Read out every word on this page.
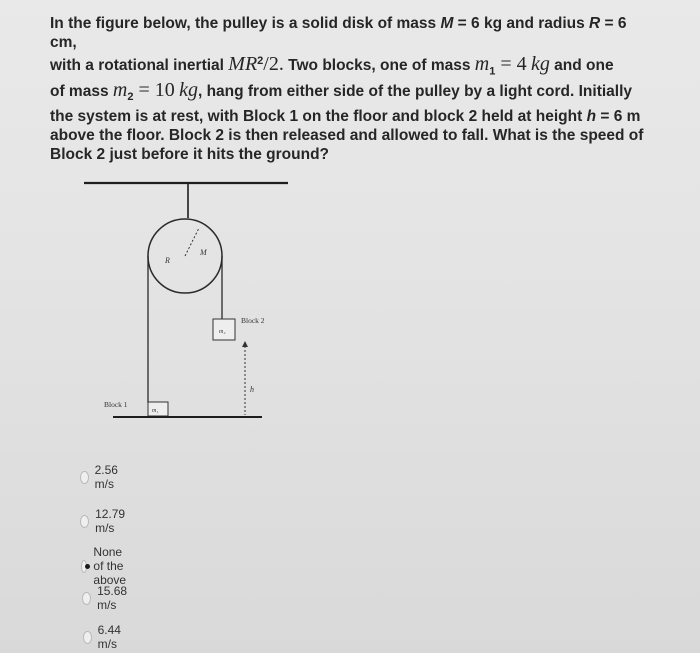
In the figure below, the pulley is a solid disk of mass M = 6 kg and radius R = 6 cm,
with a rotational inertial $MR^2/2$. Two blocks, one of mass $m_1 = 4$ kg and one
of mass $m_2 = 10$ kg, hang from either side of the pulley by a light cord. Initially
the system is at rest, with Block 1 on the floor and block 2 held at height h = 6 m
above the floor. Block 2 is then released and allowed to fall. What is the speed of
Block 2 just before it hits the ground?
M
R
m₂
Block 2
h
m₁
Block 1
2.56 m/s
12.79 m/s
None of the above
15.68 m/s
6.44 m/s
